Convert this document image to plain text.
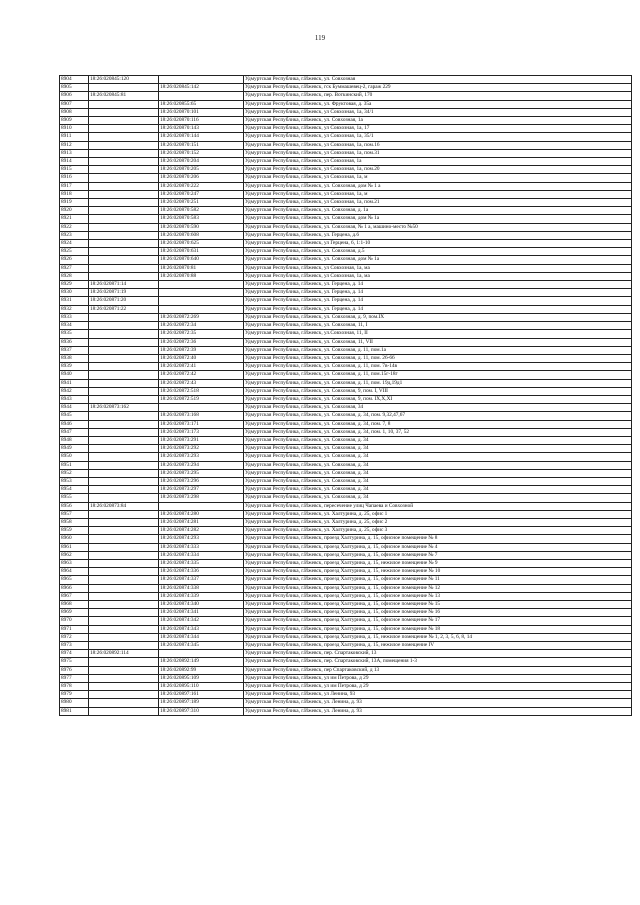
119
8904	18:26:020845:120		Удмуртская Республика, г.Ижевск, ул. Совхозная
8905		18:26:020845:142	Удмуртская Республика, г.Ижевск, гск Буммашевец-2, гараж 229
8906	18:26:020845:81		Удмуртская Республика, г.Ижевск, пер. Воткинский, 170
8907		18:26:020855:65	Удмуртская Республика, г.Ижевск, ул. Фруктовая, д. 35а
8908		18:26:020870:101	Удмуртская Республика, г.Ижевск, ул Совхозная, 1а, 34/1
8909		18:26:020870:116	Удмуртская Республика, г.Ижевск, ул. Совхозная, 1а
8910		18:26:020870:143	Удмуртская Республика, г.Ижевск, ул Совхозная, 1а, 17
8911		18:26:020870:144	Удмуртская Республика, г.Ижевск, ул Совхозная, 1а, 35/1
8912		18:26:020870:151	Удмуртская Республика, г.Ижевск, ул Совхозная, 1а, пом.16
8913		18:26:020870:152	Удмуртская Республика, г.Ижевск, ул Совхозная, 1а, пом.31
8914		18:26:020870:204	Удмуртская Республика, г.Ижевск, ул Совхозная, 1а
8915		18:26:020870:205	Удмуртская Республика, г.Ижевск, ул Совхозная, 1а, пом.20
8916		18:26:020870:206	Удмуртская Республика, г.Ижевск, ул Совхозная, 1а, м
8917		18:26:020870:222	Удмуртская Республика, г.Ижевск, ул. Совхозная, дом № 1 а
8918		18:26:020870:247	Удмуртская Республика, г.Ижевск, ул Совхозная, 1а, м
8919		18:26:020870:251	Удмуртская Республика, г.Ижевск, ул Совхозная, 1а, пом.21
8920		18:26:020870:582	Удмуртская Республика, г.Ижевск, ул. Совхозная, д. 1а
8921		18:26:020870:583	Удмуртская Республика, г.Ижевск, ул. Совхозная, дом № 1а
8922		18:26:020870:590	Удмуртская Республика, г.Ижевск, ул. Совхозная, № 1 а, машино-место №50
8923		18:26:020870:608	Удмуртская Республика, г.Ижевск, ул. Герцена, д.6
8924		18:26:020870:625	Удмуртская Республика, г.Ижевск, ул Герцена, 6, 1:1-10
8925		18:26:020870:631	Удмуртская Республика, г.Ижевск, ул. Совхозная, д.5
8926		18:26:020870:640	Удмуртская Республика, г.Ижевск, ул. Совхозная, дом № 1а
8927		18:26:020870:81	Удмуртская Республика, г.Ижевск, ул Совхозная, 1а, ма
8928		18:26:020870:88	Удмуртская Республика, г.Ижевск, ул Совхозная, 1а, ма
8929	18:26:020871:14		Удмуртская Республика, г.Ижевск, ул. Герцена, д. 14
8930	18:26:020871:19		Удмуртская Республика, г.Ижевск, ул. Герцена, д. 14
8931	18:26:020871:20		Удмуртская Республика, г.Ижевск, ул. Герцена, д. 14
8932	18:26:020871:22		Удмуртская Республика, г.Ижевск, ул. Герцена, д. 14
8933		18:26:020872:269	Удмуртская Республика, г.Ижевск, ул. Совхозная, д. 9, пом.IX
8934		18:26:020872:34	Удмуртская Республика, г.Ижевск, ул. Совхозная, 11, I
8935		18:26:020872:35	Удмуртская Республика, г.Ижевск, ул.Совхозная, 11, II
8936		18:26:020872:36	Удмуртская Республика, г.Ижевск, ул. Совхозная, 11, VII
8937		18:26:020872:39	Удмуртская Республика, г.Ижевск, ул. Совхозная, д. 11, пом.1а
8938		18:26:020872:40	Удмуртская Республика, г.Ижевск, ул. Совхозная, д. 11, пом. 26-66
8939		18:26:020872:41	Удмуртская Республика, г.Ижевск, ул. Совхозная, д. 11, пом. 7в-14в
8940		18:26:020872:42	Удмуртская Республика, г.Ижевск, ул. Совхозная, д. 11, пом.15г-18г
8941		18:26:020872:43	Удмуртская Республика, г.Ижевск, ул. Совхозная, д. 11, пом. 19д,19д1
8942		18:26:020872:518	Удмуртская Республика, г.Ижевск, ул. Совхозная, 9, пом. I, VIII
8943		18:26:020872:519	Удмуртская Республика, г.Ижевск, ул. Совхозная, 9, пом. IX,X,XI
8944	18:26:020873:162		Удмуртская Республика, г.Ижевск, ул. Совхозная, 34
8945		18:26:020873:168	Удмуртская Республика, г.Ижевск, ул. Совхозная, д. 34, пом. 9,32,47,67
8946		18:26:020873:171	Удмуртская Республика, г.Ижевск, ул. Совхозная, д. 34, пом. 7, 8
8947		18:26:020873:173	Удмуртская Республика, г.Ижевск, ул. Совхозная, д. 34, пом. 1, 10, 37, 52
8948		18:26:020873:291	Удмуртская Республика, г.Ижевск, ул. Совхозная, д. 34
8949		18:26:020873:292	Удмуртская Республика, г.Ижевск, ул. Совхозная, д. 34
8950		18:26:020873:293	Удмуртская Республика, г.Ижевск, ул. Совхозная, д. 34
8951		18:26:020873:294	Удмуртская Республика, г.Ижевск, ул. Совхозная, д. 34
8952		18:26:020873:295	Удмуртская Республика, г.Ижевск, ул. Совхозная, д. 34
8953		18:26:020873:296	Удмуртская Республика, г.Ижевск, ул. Совхозная, д. 34
8954		18:26:020873:297	Удмуртская Республика, г.Ижевск, ул. Совхозная, д. 34
8955		18:26:020873:298	Удмуртская Республика, г.Ижевск, ул. Совхозная, д. 34
8956	18:26:020873:84		Удмуртская Республика, г.Ижевск, пересечение улиц Чапаева и Совхозной
8957		18:26:020874:280	Удмуртская Республика, г.Ижевск, ул. Халтурина, д. 25, офис 1
8958		18:26:020874:281	Удмуртская Республика, г.Ижевск, ул. Халтурина, д. 25, офис 2
8959		18:26:020874:282	Удмуртская Республика, г.Ижевск, ул. Халтурина, д. 25, офис 3
8960		18:26:020874:293	Удмуртская Республика, г.Ижевск, проезд Халтурина, д. 15, офисное помещение № 8
8961		18:26:020874:333	Удмуртская Республика, г.Ижевск, проезд Халтурина, д. 15, офисное помещение № 4
8962		18:26:020874:334	Удмуртская Республика, г.Ижевск, проезд Халтурина, д. 15, офисное помещение № 7
8963		18:26:020874:335	Удмуртская Республика, г.Ижевск, проезд Халтурина, д. 15, нежилое помещение № 9
8964		18:26:020874:336	Удмуртская Республика, г.Ижевск, проезд Халтурина, д. 15, нежилое помещение № 10
8965		18:26:020874:337	Удмуртская Республика, г.Ижевск, проезд Халтурина, д. 15, офисное помещение № 11
8966		18:26:020874:338	Удмуртская Республика, г.Ижевск, проезд Халтурина, д. 15, офисное помещение № 12
8967		18:26:020874:339	Удмуртская Республика, г.Ижевск, проезд Халтурина, д. 15, офисное помещение № 13
8968		18:26:020874:340	Удмуртская Республика, г.Ижевск, проезд Халтурина, д. 15, офисное помещение № 15
8969		18:26:020874:341	Удмуртская Республика, г.Ижевск, проезд Халтурина, д. 15, офисное помещение № 16
8970		18:26:020874:342	Удмуртская Республика, г.Ижевск, проезд Халтурина, д. 15, офисное помещение № 17
8971		18:26:020874:343	Удмуртская Республика, г.Ижевск, проезд Халтурина, д. 15, офисное помещение № 18
8972		18:26:020874:344	Удмуртская Республика, г.Ижевск, проезд Халтурина, д. 15, нежилое помещение № 1, 2, 3, 5, 6, 8, 14
8973		18:26:020874:345	Удмуртская Республика, г.Ижевск, проезд Халтурина, д. 15, нежилое помещение IV
8974	18:26:020892:114		Удмуртская Республика, г.Ижевск, пер. Спартаковский, 13
8975		18:26:020892:149	Удмуртская Республика, г.Ижевск, пер. Спартаковский, 13А, помещения 1-3
8976		18:26:020892:99	Удмуртская Республика, г.Ижевск, пер Спартаковский, д 13
8977		18:26:020895:109	Удмуртская Республика, г.Ижевск, ул им Петрова, д 29
8978		18:26:020895:110	Удмуртская Республика, г.Ижевск, ул им Петрова, д 29
8979		18:26:020897:161	Удмуртская Республика, г.Ижевск, ул Ленина, 93
8980		18:26:020897:189	Удмуртская Республика, г.Ижевск, ул. Ленина, д. 93
8981		18:26:020897:310	Удмуртская Республика, г.Ижевск, ул. Ленина, д. 93
